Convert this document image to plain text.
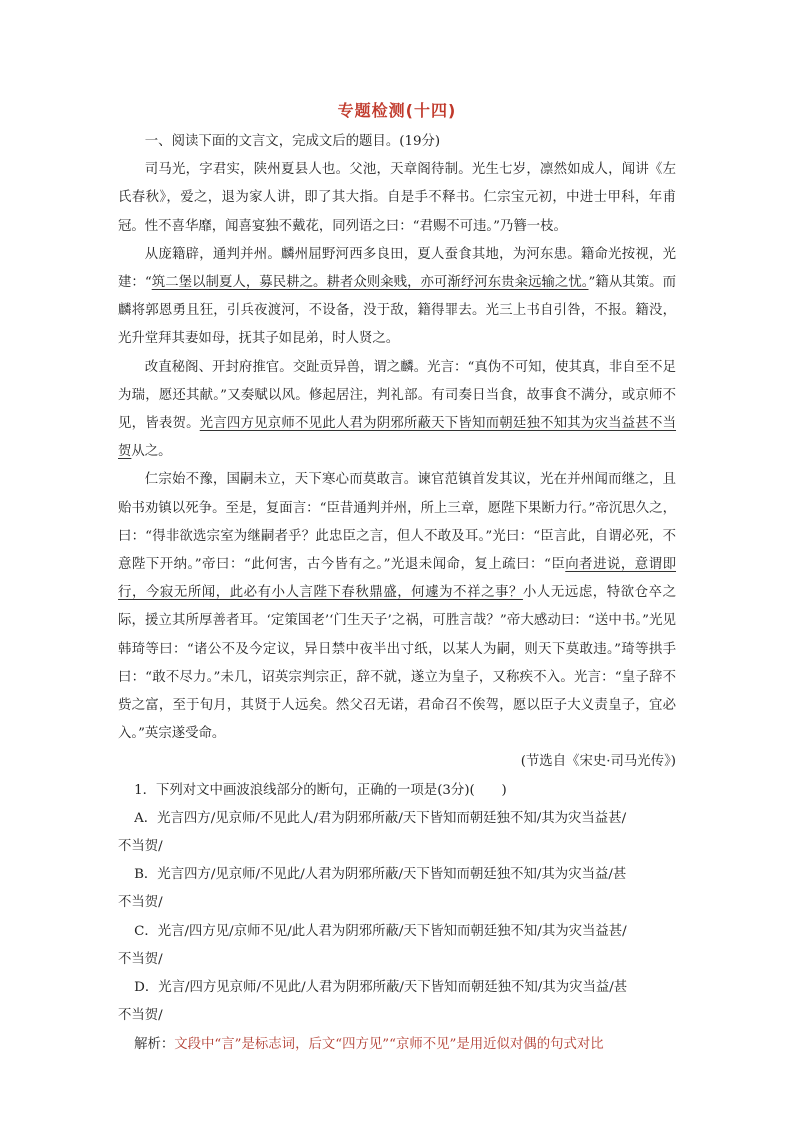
专题检测(十四)

一、阅读下面的文言文，完成文后的题目。(19分)

司马光，字君实，陕州夏县人也。父池，天章阁待制。光生七岁，凛然如成人，闻讲《左氏春秋》，爱之，退为家人讲，即了其大指。自是手不释书。仁宗宝元初，中进士甲科，年甫冠。性不喜华靡，闻喜宴独不戴花，同列语之曰：“君赐不可违。”乃簪一枝。

从庞籍辟，通判并州。麟州屈野河西多良田，夏人蚕食其地，为河东患。籍命光按视，光建：“筑二堡以制夏人，募民耕之。耕者众则籴贱，亦可渐纾河东贵籴远输之忧。”籍从其策。而麟将郭恩勇且狂，引兵夜渡河，不设备，没于敌，籍得罪去。光三上书自引咎，不报。籍没，光升堂拜其妻如母，抚其子如昆弟，时人贤之。

改直秘阁、开封府推官。交趾贡异兽，谓之麟。光言：“真伪不可知，使其真，非自至不足为瑞，愿还其献。”又奏赋以风。修起居注，判礼部。有司奏日当食，故事食不满分，或京师不见，皆表贺。光言四方见京师不见此人君为阴邪所蔽天下皆知而朝廷独不知其为灾当益甚不当贺从之。

仁宗始不豫，国嗣未立，天下寒心而莫敢言。谏官范镇首发其议，光在并州闻而继之，且贻书劝镇以死争。至是，复面言：“臣昔通判并州，所上三章，愿陛下果断力行。”帝沉思久之，曰：“得非欲选宗室为继嗣者乎？此忠臣之言，但人不敢及耳。”光曰：“臣言此，自谓必死，不意陛下开纳。”帝曰：“此何害，古今皆有之。”光退未闻命，复上疏曰：“臣向者进说，意谓即行，今寂无所闻，此必有小人言陛下春秋鼎盛，何遽为不祥之事？小人无远虑，特欲仓卒之际，援立其所厚善者耳。‘定策国老’‘门生天子’之祸，可胜言哉？”帝大感动曰：“送中书。”光见韩琦等曰：“诸公不及今定议，异日禁中夜半出寸纸，以某人为嗣，则天下莫敢违。”琦等拱手曰：“敢不尽力。”未几，诏英宗判宗正，辞不就，遂立为皇子，又称疾不入。光言：“皇子辞不赀之富，至于旬月，其贤于人远矣。然父召无诺，君命召不俟驾，愿以臣子大义责皇子，宜必入。”英宗遂受命。

(节选自《宋史·司马光传》)

1．下列对文中画波浪线部分的断句，正确的一项是(3分)(　　)

A．光言四方/见京师/不见此人/君为阴邪所蔽/天下皆知而朝廷独不知/其为灾当益甚/

不当贺/

B．光言四方/见京师/不见此/人君为阴邪所蔽/天下皆知而朝廷独不知/其为灾当益/甚

不当贺/

C．光言/四方见/京师不见/此人君为阴邪所蔽/天下皆知而朝廷独不知/其为灾当益甚/

不当贺/

D．光言/四方见京师/不见此/人君为阴邪所蔽/天下皆知而朝廷独不知/其为灾当益/甚

不当贺/

解析：文段中“言”是标志词，后文“四方见”“京师不见”是用近似对偶的句式对比
